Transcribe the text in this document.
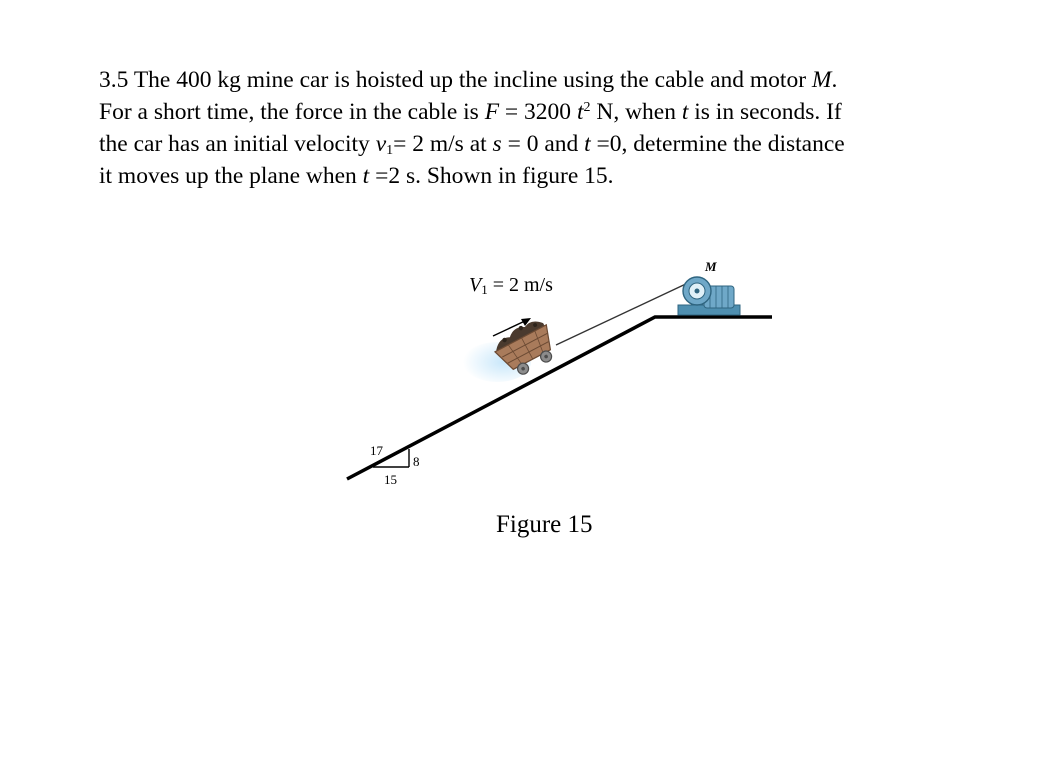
3.5 The 400 kg mine car is hoisted up the incline using the cable and motor M.
For a short time, the force in the cable is F = 3200 $t^2$ N, when t is in seconds. If
the car has an initial velocity $v_1= 2$ m/s at s = 0 and t =0, determine the distance
it moves up the plane when t =2 s. Shown in figure 15.
17
8
15
V1 = 2 m/s
M
Figure 15
